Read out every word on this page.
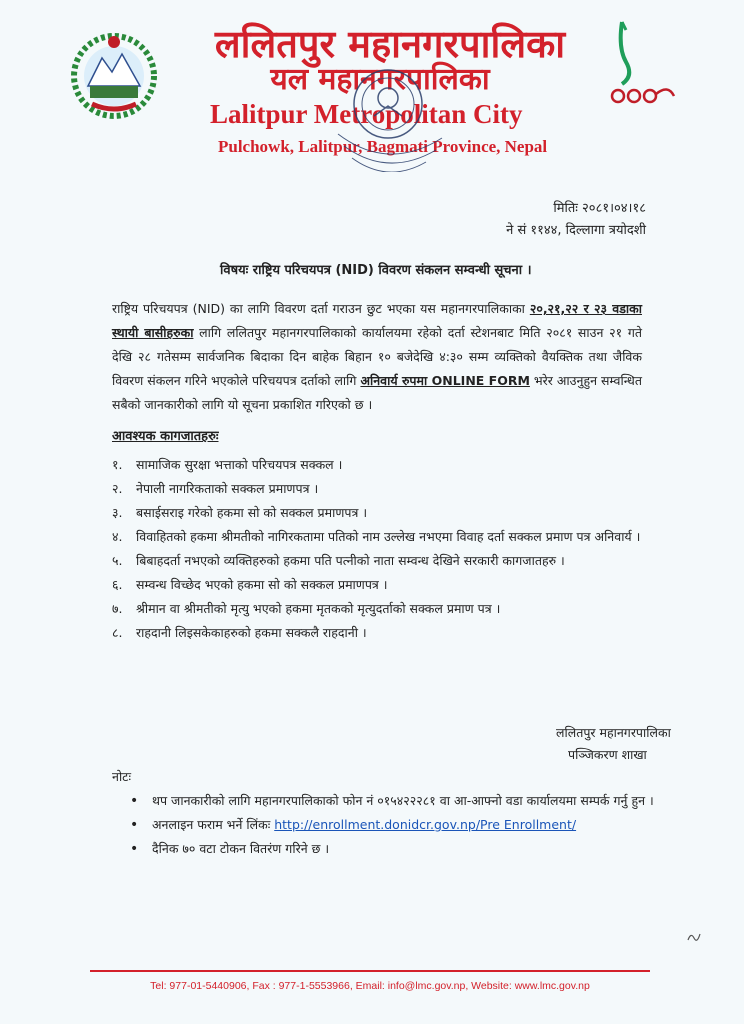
ललितपुर महानगरपालिका
यल महानगरपालिका
Lalitpur Metropolitan City
Pulchowk, Lalitpur, Bagmati Province, Nepal
मितिः २०८१।०४।१८
ने सं ११४४, दिल्लागा त्रयोदशी
विषयः राष्ट्रिय परिचयपत्र (NID) विवरण संकलन सम्वन्धी सूचना ।
राष्ट्रिय परिचयपत्र (NID) का लागि विवरण दर्ता गराउन छुट भएका यस महानगरपालिकाका २०,२१,२२ र २३ वडाका स्थायी बासीहरुका लागि ललितपुर महानगरपालिकाको कार्यालयमा रहेको दर्ता स्टेशनबाट मिति २०८१ साउन २१ गते देखि २८ गतेसम्म सार्वजनिक बिदाका दिन बाहेक बिहान १० बजेदेखि ४:३० सम्म व्यक्तिको वैयक्तिक तथा जैविक विवरण संकलन गरिने भएकोले परिचयपत्र दर्ताको लागि अनिवार्य रुपमा ONLINE FORM भरेर आउनुहुन सम्वन्धित सबैको जानकारीको लागि यो सूचना प्रकाशित गरिएको छ ।
आवश्यक कागजातहरुः
१.	सामाजिक सुरक्षा भत्ताको परिचयपत्र सक्कल ।
२.	नेपाली नागरिकताको सक्कल प्रमाणपत्र ।
३.	बसाईसराइ गरेको हकमा सो को सक्कल प्रमाणपत्र ।
४.	विवाहितको हकमा श्रीमतीको नागिरकतामा पतिको नाम उल्लेख नभएमा विवाह दर्ता सक्कल प्रमाण पत्र अनिवार्य ।
५.	बिबाहदर्ता नभएको व्यक्तिहरुको हकमा पति पत्नीको नाता सम्वन्ध देखिने सरकारी कागजातहरु ।
६.	सम्वन्ध विच्छेद भएको हकमा सो को सक्कल प्रमाणपत्र ।
७.	श्रीमान वा श्रीमतीको मृत्यु भएको हकमा मृतकको मृत्युदर्ताको सक्कल प्रमाण पत्र ।
८.	राहदानी लिइसकेकाहरुको हकमा सक्कलै राहदानी ।
ललितपुर महानगरपालिका
पञ्जिकरण शाखा
नोटः
•	थप जानकारीको लागि महानगरपालिकाको फोन नं ०१५४२२२८१ वा आ-आफ्नो वडा कार्यालयमा सम्पर्क गर्नु हुन ।
•	अनलाइन फराम भर्ने लिंकः http://enrollment.donidcr.gov.np/Pre Enrollment/
•	दैनिक ७० वटा टोकन वितरंण गरिने छ ।
Tel: 977-01-5440906, Fax : 977-1-5553966, Email: info@lmc.gov.np, Website: www.lmc.gov.np
